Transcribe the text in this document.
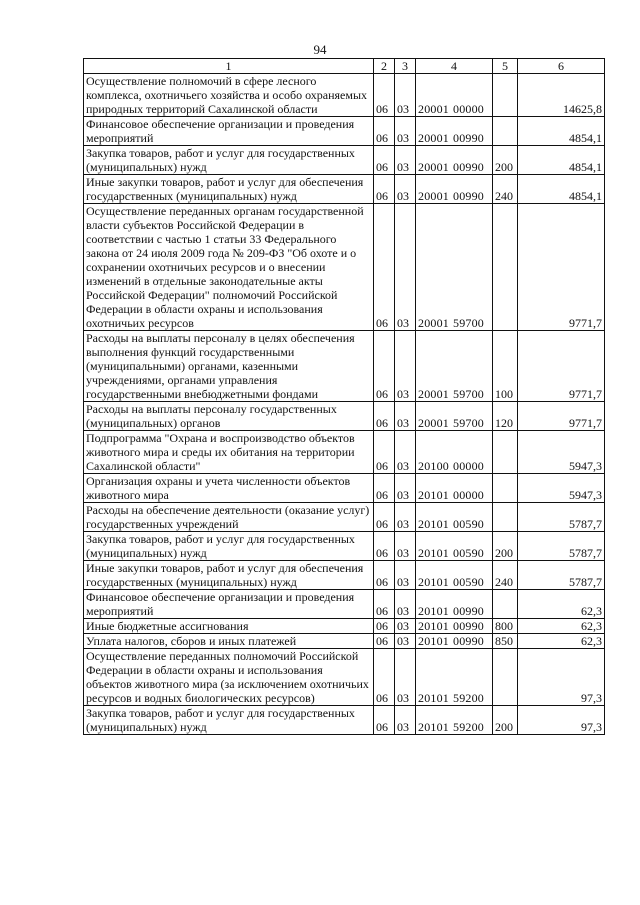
94
1	2	3	4	5	6
Осуществление полномочий в сфере лесного комплекса, охотничьего хозяйства и особо охраняемых природных территорий Сахалинской области	06	03	20001 00000		14625,8
Финансовое обеспечение организации и проведения мероприятий	06	03	20001 00990		4854,1
Закупка товаров, работ и услуг для государственных (муниципальных) нужд	06	03	20001 00990	200	4854,1
Иные закупки товаров, работ и услуг для обеспечения государственных (муниципальных) нужд	06	03	20001 00990	240	4854,1
Осуществление переданных органам государственной власти субъектов Российской Федерации в соответствии с частью 1 статьи 33 Федерального закона от 24 июля 2009 года № 209-ФЗ "Об охоте и о сохранении охотничьих ресурсов и о внесении изменений в отдельные законодательные акты Российской Федерации" полномочий Российской Федерации в области охраны и использования охотничьих ресурсов	06	03	20001 59700		9771,7
Расходы на выплаты персоналу в целях обеспечения выполнения функций государственными (муниципальными) органами, казенными учреждениями, органами управления государственными внебюджетными фондами	06	03	20001 59700	100	9771,7
Расходы на выплаты персоналу государственных (муниципальных) органов	06	03	20001 59700	120	9771,7
Подпрограмма "Охрана и воспроизводство объектов животного мира и среды их обитания на территории Сахалинской области"	06	03	20100 00000		5947,3
Организация охраны и учета численности объектов животного мира	06	03	20101 00000		5947,3
Расходы на обеспечение деятельности (оказание услуг) государственных учреждений	06	03	20101 00590		5787,7
Закупка товаров, работ и услуг для государственных (муниципальных) нужд	06	03	20101 00590	200	5787,7
Иные закупки товаров, работ и услуг для обеспечения государственных (муниципальных) нужд	06	03	20101 00590	240	5787,7
Финансовое обеспечение организации и проведения мероприятий	06	03	20101 00990		62,3
Иные бюджетные ассигнования	06	03	20101 00990	800	62,3
Уплата налогов, сборов и иных платежей	06	03	20101 00990	850	62,3
Осуществление переданных полномочий Российской Федерации в области охраны и использования объектов животного мира (за исключением охотничьих ресурсов и водных биологических ресурсов)	06	03	20101 59200		97,3
Закупка товаров, работ и услуг для государственных (муниципальных) нужд	06	03	20101 59200	200	97,3
